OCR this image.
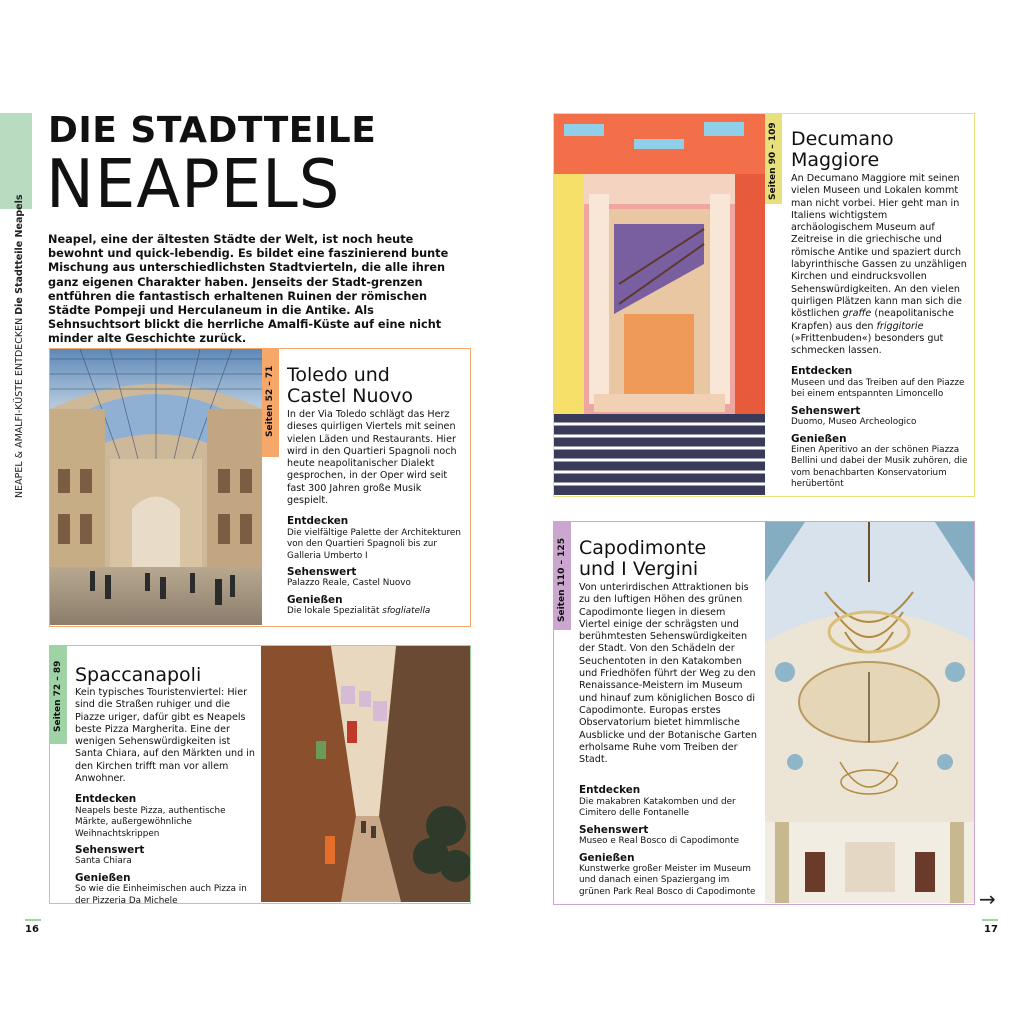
NEAPEL & AMALFI-KÜSTE ENTDECKEN Die Stadtteile Neapels
DIE STADTTEILE
NEAPELS
Neapel, eine der ältesten Städte der Welt, ist noch heute bewohnt und quick-lebendig. Es bildet eine faszinierend bunte Mischung aus unterschiedlichsten Stadtvierteln, die alle ihren ganz eigenen Charakter haben. Jenseits der Stadt-grenzen entführen die fantastisch erhaltenen Ruinen der römischen Städte Pompeji und Herculaneum in die Antike. Als Sehnsuchtsort blickt die herrliche Amalfi-Küste auf eine nicht minder alte Geschichte zurück.
Seiten 52 – 71 Toledo und
Castel Nuovo
In der Via Toledo schlägt das Herz dieses quirligen Viertels mit seinen vielen Läden und Restaurants. Hier wird in den Quartieri Spagnoli noch heute neapolitanischer Dialekt gesprochen, in der Oper wird seit fast 300 Jahren große Musik gespielt.
Entdecken
Die vielfältige Palette der Architekturen von den Quartieri Spagnoli bis zur Galleria Umberto I
Sehenswert
Palazzo Reale, Castel Nuovo
Genießen
Die lokale Spezialität sfogliatella
Seiten 72 – 89 Spaccanapoli
Kein typisches Touristenviertel: Hier sind die Straßen ruhiger und die Piazze uriger, dafür gibt es Neapels beste Pizza Margherita. Eine der wenigen Sehenswürdigkeiten ist Santa Chiara, auf den Märkten und in den Kirchen trifft man vor allem Anwohner.
Entdecken
Neapels beste Pizza, authentische Märkte, außergewöhnliche Weihnachtskrippen
Sehenswert
Santa Chiara
Genießen
So wie die Einheimischen auch Pizza in der Pizzeria Da Michele
Seiten 90 – 109 Decumano
Maggiore
An Decumano Maggiore mit seinen vielen Museen und Lokalen kommt man nicht vorbei. Hier geht man in Italiens wichtigstem archäologischem Museum auf Zeitreise in die griechische und römische Antike und spaziert durch labyrinthische Gassen zu unzähligen Kirchen und eindrucksvollen Sehenswürdigkeiten. An den vielen quirligen Plätzen kann man sich die köstlichen graffe (neapolitanische Krapfen) aus den friggitorie (»Frittenbuden«) besonders gut schmecken lassen.
Entdecken
Museen und das Treiben auf den Piazze bei einem entspannten Limoncello
Sehenswert
Duomo, Museo Archeologico
Genießen
Einen Aperitivo an der schönen Piazza Bellini und dabei der Musik zuhören, die vom benachbarten Konservatorium herübertönt
Seiten 110 – 125 Capodimonte
und I Vergini
Von unterirdischen Attraktionen bis zu den luftigen Höhen des grünen Capodimonte liegen in diesem Viertel einige der schrägsten und berühmtesten Sehenswürdigkeiten der Stadt. Von den Schädeln der Seuchentoten in den Katakomben und Friedhöfen führt der Weg zu den Renaissance-Meistern im Museum und hinauf zum königlichen Bosco di Capodimonte. Europas erstes Observatorium bietet himmlische Ausblicke und der Botanische Garten erholsame Ruhe vom Treiben der Stadt.
Entdecken
Die makabren Katakomben und der Cimitero delle Fontanelle
Sehenswert
Museo e Real Bosco di Capodimonte
Genießen
Kunstwerke großer Meister im Museum und danach einen Spaziergang im grünen Park Real Bosco di Capodimonte
16	17
→
